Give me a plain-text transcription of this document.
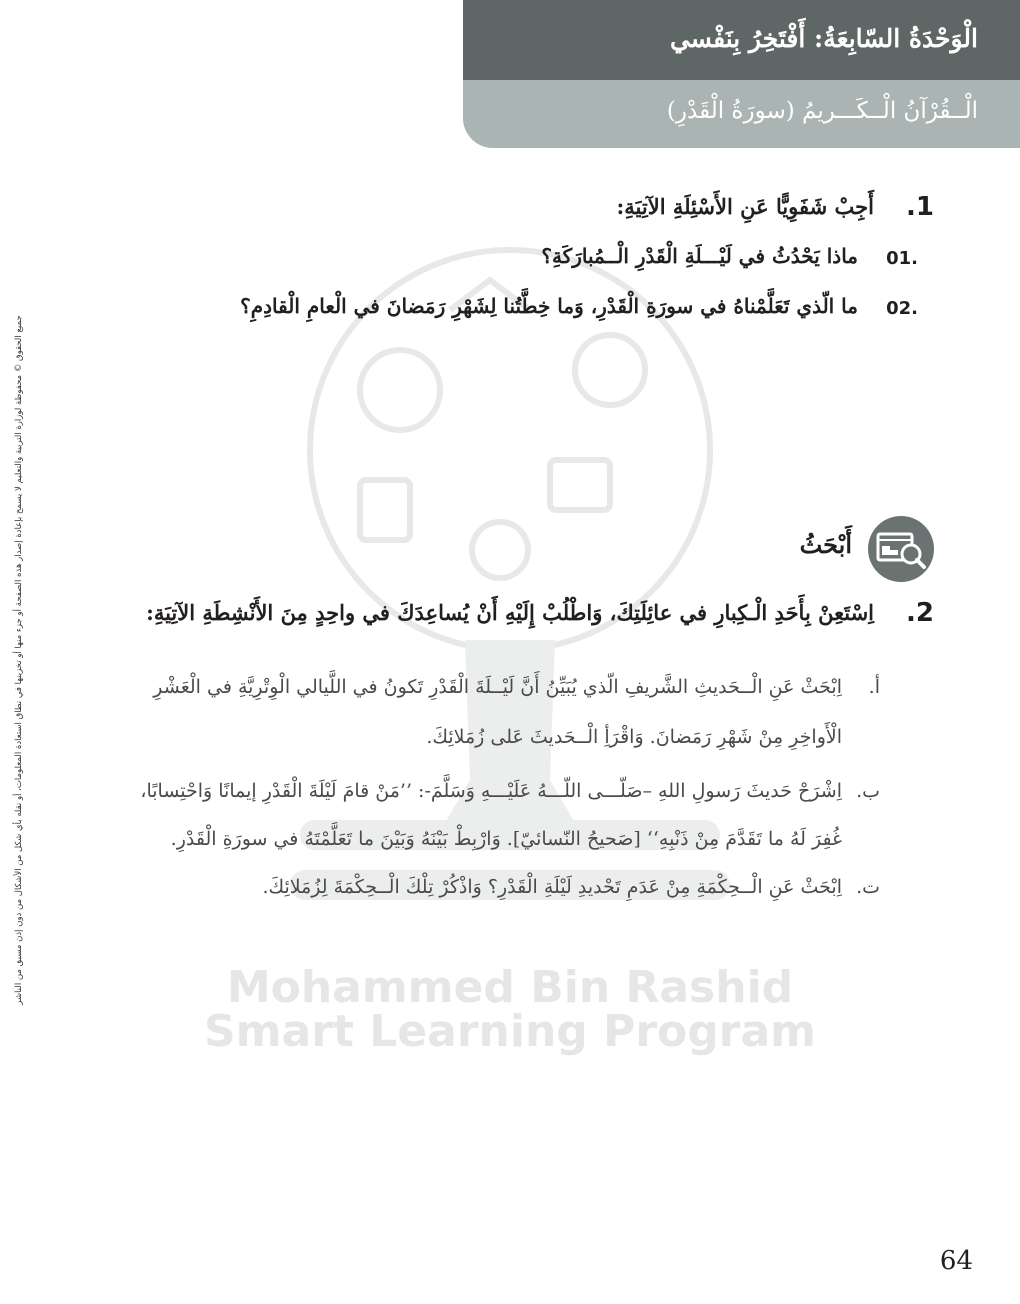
الْوَحْدَةُ السّابِعَةُ: أَفْتَخِرُ بِنَفْسي
الْــقُرْآنُ الْــكَـــريمُ (سورَةُ الْقَدْرِ)
Mohammed Bin Rashid
Smart Learning Program
جميع الحقوق © محفوظة لوزارة التربية والتعليم لا يسمح بإعادة إصدار هذه الصفحة أو جزء منها أو تخزينها في نطاق استعادة المعلومات، أو نقله بأي شكل من الأشكال من دون إذن مسبق من الناشر
1.
أَجِبْ شَفَوِيًّا عَنِ الأَسْئِلَةِ الآتِيَةِ:
.01
ماذا يَحْدُثُ في لَيْـــلَةِ الْقَدْرِ الْــمُبارَكَةِ؟
.02
ما الّذي تَعَلَّمْناهُ في سورَةِ الْقَدْرِ، وَما خِطَّتُنا لِشَهْرِ رَمَضانَ في الْعامِ الْقادِمِ؟
أَبْحَثُ
2.
اِسْتَعِنْ بِأَحَدِ الْـكِبارِ في عائِلَتِكَ، وَاطْلُبْ إِلَيْهِ أَنْ يُساعِدَكَ في واحِدٍ مِنَ الأَنْشِطَةِ الآتِيَةِ:
أ.
اِبْحَثْ عَنِ الْــحَديثِ الشَّريفِ الّذي يُبَيِّنُ أَنَّ لَيْــلَةَ الْقَدْرِ تَكونُ في اللَّيالي الْوِتْرِيَّةِ في الْعَشْرِ
الْأَواخِرِ مِنْ شَهْرِ رَمَضانَ. وَاقْرَأِ الْــحَديثَ عَلى زُمَلائِكَ.
ب.
اِشْرَحْ حَديثَ رَسولِ اللهِ –صَلّـــى اللّـــهُ عَلَيْـــهِ وَسَلَّمَ-: ’’مَنْ قامَ لَيْلَةَ الْقَدْرِ إيمانًا وَاحْتِسابًا،
غُفِرَ لَهُ ما تَقَدَّمَ مِنْ ذَنْبِهِ‘‘ [صَحيحُ النّسائيّ]. وَارْبِطْ بَيْنَهُ وَبَيْنَ ما تَعَلَّمْتَهُ في سورَةِ الْقَدْرِ.
ت.
اِبْحَثْ عَنِ الْــحِكْمَةِ مِنْ عَدَمِ تَحْديدِ لَيْلَةِ الْقَدْرِ؟ وَاذْكُرْ تِلْكَ الْــحِكْمَةَ لِزُمَلائِكَ.
64
